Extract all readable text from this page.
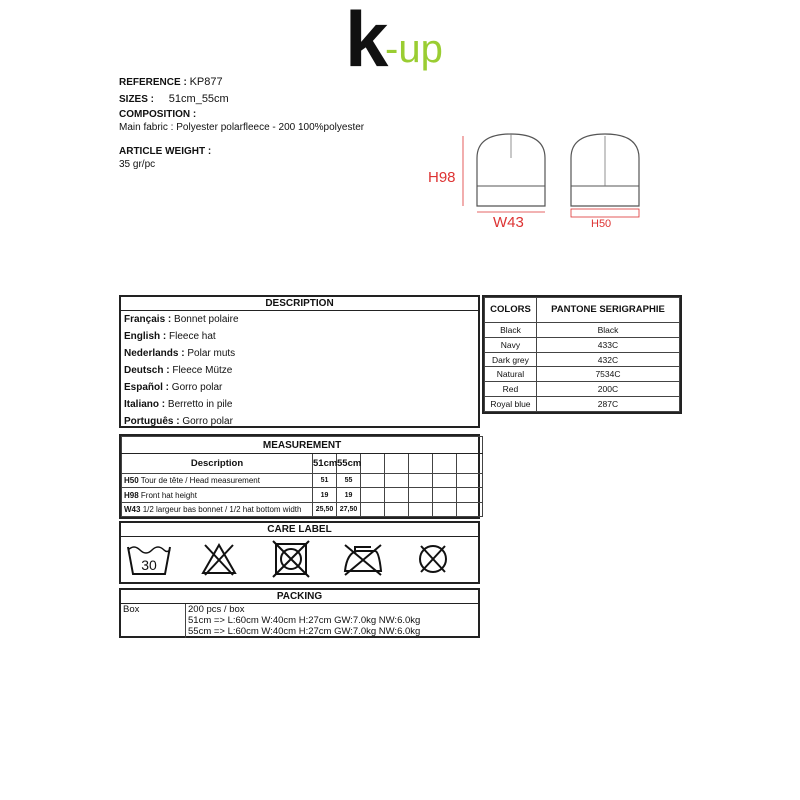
k
-up
REFERENCE : KP877
SIZES : 51cm_55cm
COMPOSITION :
Main fabric : Polyester polarfleece - 200 100%polyester
ARTICLE WEIGHT :
35 gr/pc
H98
W43	H50
DESCRIPTION
Français : Bonnet polaire
English : Fleece hat
Nederlands : Polar muts
Deutsch : Fleece Mütze
Español : Gorro polar
Italiano : Berretto in pile
Português : Gorro polar
COLORS	PANTONE SERIGRAPHIE
Black	Black
Navy	433C
Dark grey	432C
Natural	7534C
Red	200C
Royal blue	287C
MEASUREMENT							
Description	51cm	55cm					
H50 Tour de tête / Head measurement	51	55					
H98 Front hat height	19	19					
W43 1/2 largeur bas bonnet / 1/2 hat bottom width	25,50	27,50					
CARE LABEL
30
PACKING
Box	200 pcs / box
51cm => L:60cm W:40cm H:27cm GW:7.0kg NW:6.0kg
55cm => L:60cm W:40cm H:27cm GW:7.0kg NW:6.0kg
